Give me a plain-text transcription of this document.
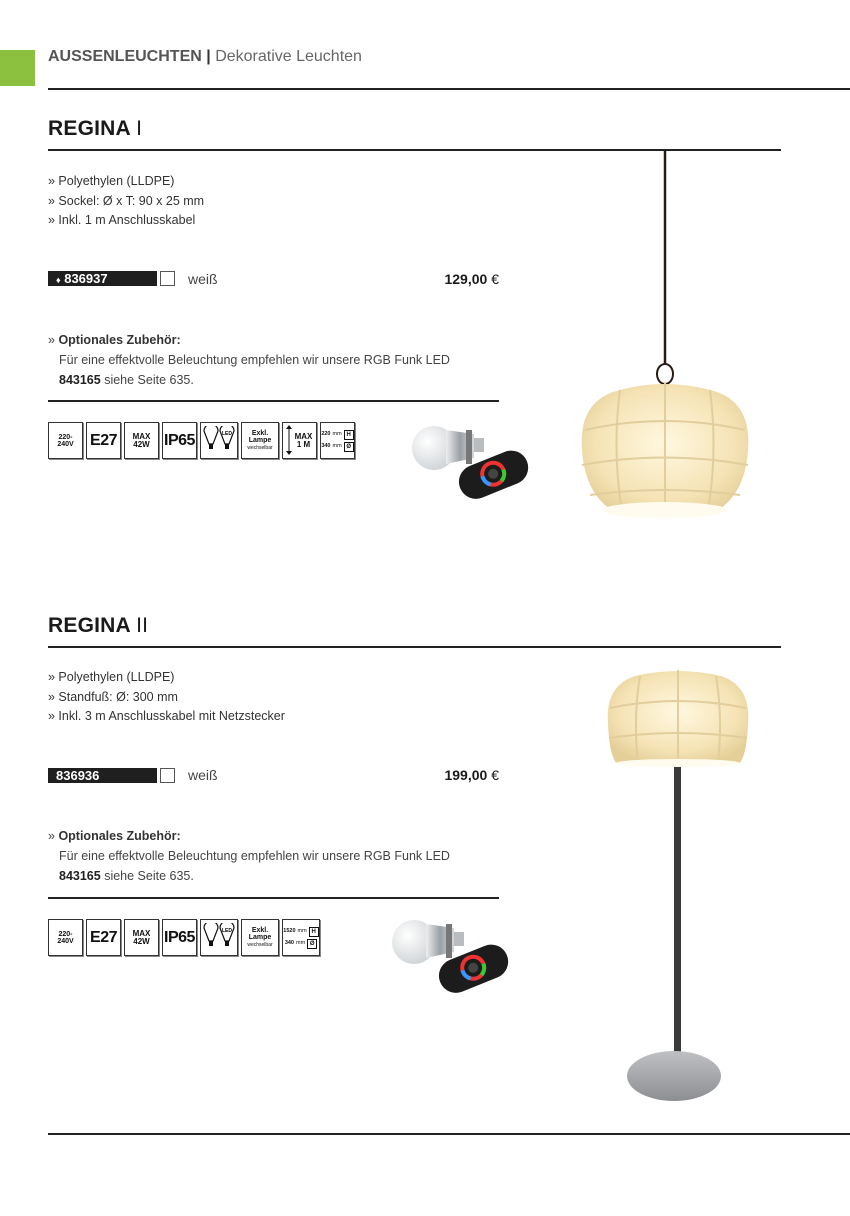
AUSSENLEUCHTEN | Dekorative Leuchten
REGINA I
» Polyethylen (LLDPE)
» Sockel: Ø x T: 90 x 25 mm
» Inkl. 1 m Anschlusskabel
♦ 836937	weiß	129,00 €
» Optionales Zubehör:
Für eine effektvolle Beleuchtung empfehlen wir unsere RGB Funk LED
843165 siehe Seite 635.
220-240V	E27	MAX
42W IP65	LED	Exkl.
Lampe
wechselbar
MAX
1 M
220 mm H
340 mm Ø
REGINA II
» Polyethylen (LLDPE)
» Standfuß: Ø: 300 mm
» Inkl. 3 m Anschlusskabel mit Netzstecker
836936	weiß	199,00 €
» Optionales Zubehör:
Für eine effektvolle Beleuchtung empfehlen wir unsere RGB Funk LED
843165 siehe Seite 635.
220-240V	E27	MAX
42W IP65	LED	Exkl.
Lampe
wechselbar
1520 mm H
340 mm Ø
